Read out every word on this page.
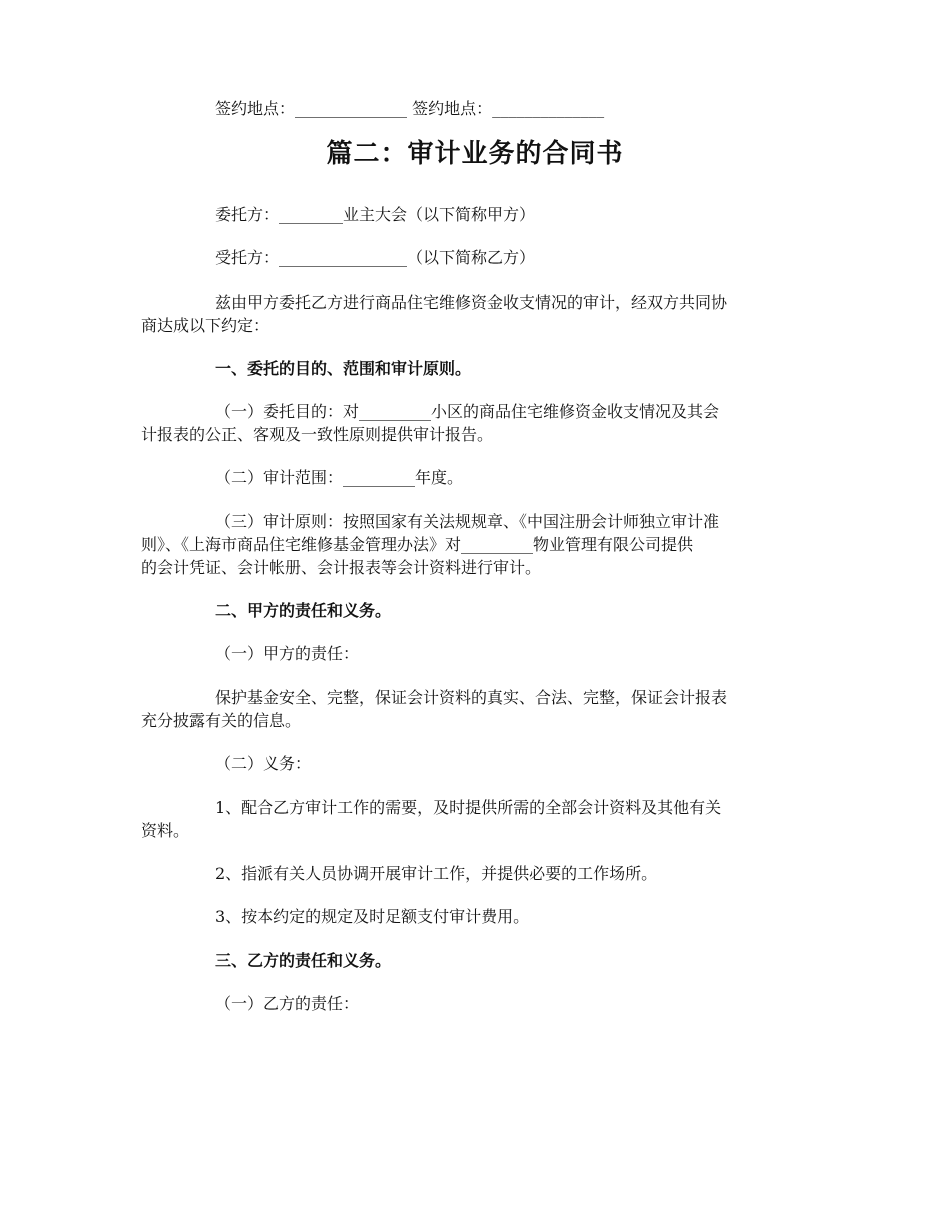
签约地点：______________ 签约地点：______________
篇二：审计业务的合同书
委托方：________业主大会（以下简称甲方）
受托方：________________（以下简称乙方）
兹由甲方委托乙方进行商品住宅维修资金收支情况的审计，经双方共同协
商达成以下约定：
一、委托的目的、范围和审计原则。
（一）委托目的：对_________小区的商品住宅维修资金收支情况及其会
计报表的公正、客观及一致性原则提供审计报告。
（二）审计范围：_________年度。
（三）审计原则：按照国家有关法规规章、《中国注册会计师独立审计准
则》、《上海市商品住宅维修基金管理办法》对_________物业管理有限公司提供
的会计凭证、会计帐册、会计报表等会计资料进行审计。
二、甲方的责任和义务。
（一）甲方的责任：
保护基金安全、完整，保证会计资料的真实、合法、完整，保证会计报表
充分披露有关的信息。
（二）义务：
1、配合乙方审计工作的需要，及时提供所需的全部会计资料及其他有关
资料。
2、指派有关人员协调开展审计工作，并提供必要的工作场所。
3、按本约定的规定及时足额支付审计费用。
三、乙方的责任和义务。
（一）乙方的责任：
